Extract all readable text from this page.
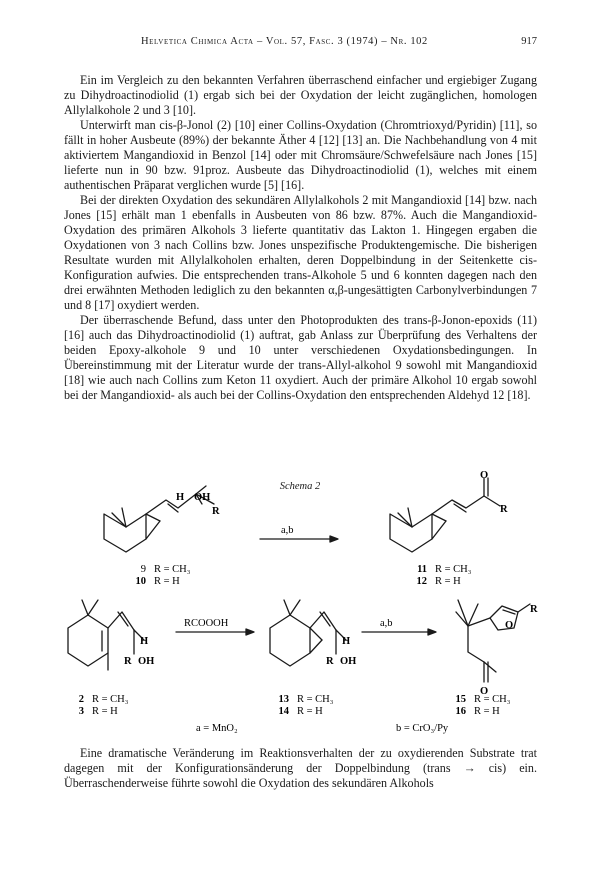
Helvetica Chimica Acta – Vol. 57, Fasc. 3 (1974) – Nr. 102	917

Ein im Vergleich zu den bekannten Verfahren überraschend einfacher und ergiebiger Zugang zu Dihydroactinodiolid (1) ergab sich bei der Oxydation der leicht zugänglichen, homologen Allylalkohole 2 und 3 [10].

Unterwirft man cis-β-Jonol (2) [10] einer Collins-Oxydation (Chromtrioxyd/Pyridin) [11], so fällt in hoher Ausbeute (89%) der bekannte Äther 4 [12] [13] an. Die Nachbehandlung von 4 mit aktiviertem Mangandioxid in Benzol [14] oder mit Chromsäure/Schwefelsäure nach Jones [15] lieferte nun in 90 bzw. 91proz. Ausbeute das Dihydroactinodiolid (1), welches mit einem authentischen Präparat verglichen wurde [5] [16].

Bei der direkten Oxydation des sekundären Allylalkohols 2 mit Mangandioxid [14] bzw. nach Jones [15] erhält man 1 ebenfalls in Ausbeuten von 86 bzw. 87%. Auch die Mangandioxid-Oxydation des primären Alkohols 3 lieferte quantitativ das Lakton 1. Hingegen ergaben die Oxydationen von 3 nach Collins bzw. Jones unspezifische Produktengemische. Die bisherigen Resultate wurden mit Allylalkoholen erhalten, deren Doppelbindung in der Seitenkette cis-Konfiguration aufwies. Die entsprechenden trans-Alkohole 5 und 6 konnten dagegen nach den drei erwähnten Methoden lediglich zu den bekannten α,β-ungesättigten Carbonylverbindungen 7 und 8 [17] oxydiert werden.

Der überraschende Befund, dass unter den Photoprodukten des trans-β-Jonon-epoxids (11) [16] auch das Dihydroactinodiolid (1) auftrat, gab Anlass zur Überprüfung des Verhaltens der beiden Epoxy-alkohole 9 und 10 unter verschiedenen Oxydationsbedingungen. In Übereinstimmung mit der Literatur wurde der trans-Allyl-alkohol 9 sowohl mit Mangandioxid [18] wie auch nach Collins zum Keton 11 oxydiert. Auch der primäre Alkohol 10 ergab sowohl bei der Mangandioxid- als auch bei der Collins-Oxydation den entsprechenden Aldehyd 12 [18].

Schema 2
H OH
R
a,b
O
R
H
R OH
RCOOOH
H
R OH
a,b
O
O
R
9 R = CH₃
10 R = H
11 R = CH₃
12 R = H
2 R = CH₃
3 R = H
13 R = CH₃
14 R = H
15 R = CH₃
16 R = H
a = MnO₂	b = CrO₃/Py

Eine dramatische Veränderung im Reaktionsverhalten der zu oxydierenden Substrate trat dagegen mit der Konfigurationsänderung der Doppelbindung (trans → cis) ein. Überraschenderweise führte sowohl die Oxydation des sekundären Alkohols
